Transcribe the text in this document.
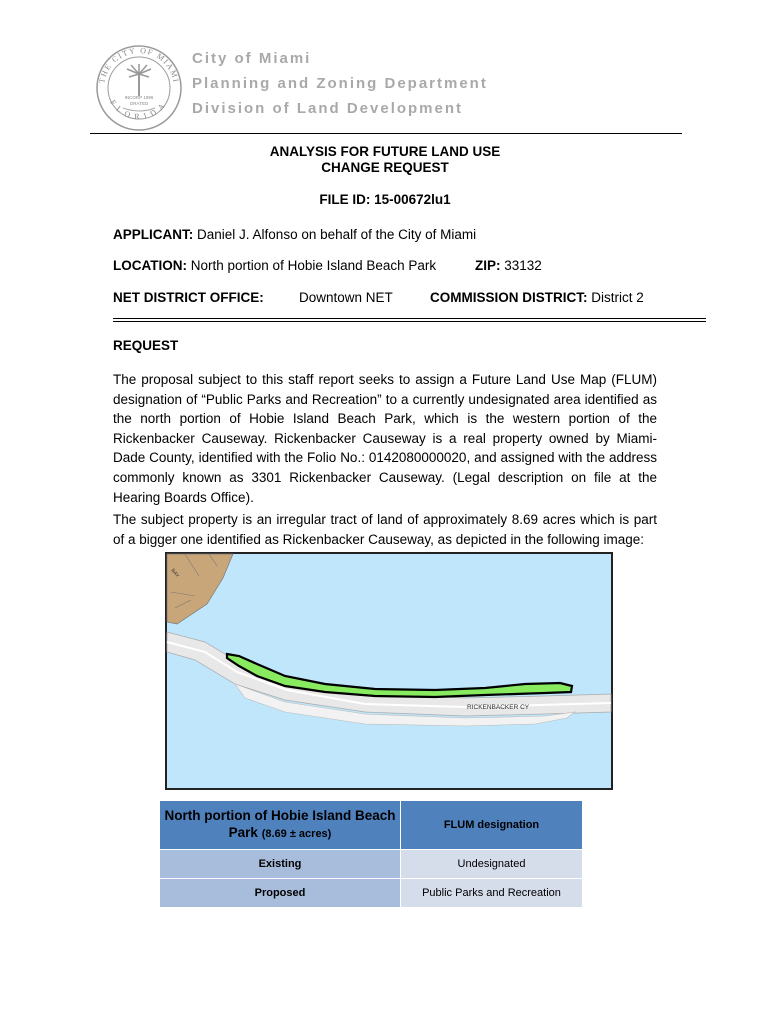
THE CITY OF MIAMI
FLORIDA
INCORP 1896
ORATED
City of Miami
Planning and Zoning Department
Division of Land Development
ANALYSIS FOR FUTURE LAND USE
CHANGE REQUEST
FILE ID: 15-00672lu1
APPLICANT: Daniel J. Alfonso on behalf of the City of Miami
LOCATION: North portion of Hobie Island Beach Park	ZIP: 33132
NET DISTRICT OFFICE:	Downtown NET	COMMISSION DISTRICT: District 2
REQUEST

The proposal subject to this staff report seeks to assign a Future Land Use Map (FLUM) designation of “Public Parks and Recreation” to a currently undesignated area identified as the north portion of Hobie Island Beach Park, which is the western portion of the Rickenbacker Causeway. Rickenbacker Causeway is a real property owned by Miami-Dade County, identified with the Folio No.: 0142080000020, and assigned with the address commonly known as 3301 Rickenbacker Causeway. (Legal description on file at the Hearing Boards Office).

The subject property is an irregular tract of land of approximately 8.69 acres which is part of a bigger one identified as Rickenbacker Causeway, as depicted in the following image:

RICKENBACKER CY
BAY
North portion of Hobie Island Beach Park (8.69 ± acres)	FLUM designation
Existing	Undesignated
Proposed	Public Parks and Recreation
